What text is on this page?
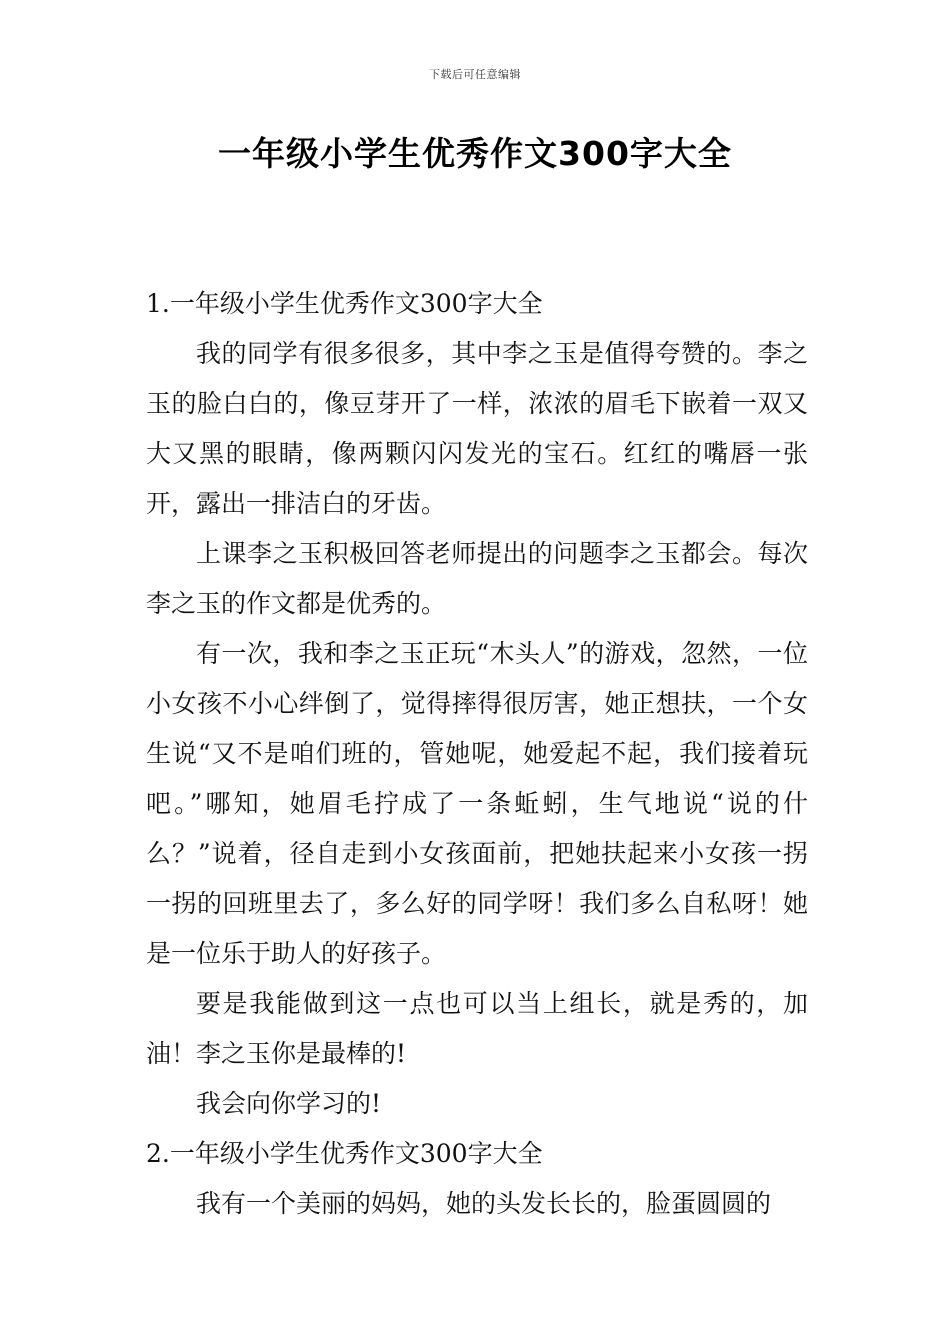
下载后可任意编辑
一年级小学生优秀作文300字大全

1.一年级小学生优秀作文300字大全

我的同学有很多很多，其中李之玉是值得夸赞的。李之玉的脸白白的，像豆芽开了一样，浓浓的眉毛下嵌着一双又大又黑的眼睛，像两颗闪闪发光的宝石。红红的嘴唇一张开，露出一排洁白的牙齿。

上课李之玉积极回答老师提出的问题李之玉都会。每次李之玉的作文都是优秀的。

有一次，我和李之玉正玩“木头人”的游戏，忽然，一位小女孩不小心绊倒了，觉得摔得很厉害，她正想扶，一个女生说“又不是咱们班的，管她呢，她爱起不起，我们接着玩吧。”哪知，她眉毛拧成了一条蚯蚓，生气地说“说的什么？”说着，径自走到小女孩面前，把她扶起来小女孩一拐一拐的回班里去了，多么好的同学呀！我们多么自私呀！她是一位乐于助人的好孩子。

要是我能做到这一点也可以当上组长，就是秀的，加油！李之玉你是最棒的!

我会向你学习的!

2.一年级小学生优秀作文300字大全

我有一个美丽的妈妈，她的头发长长的，脸蛋圆圆的
